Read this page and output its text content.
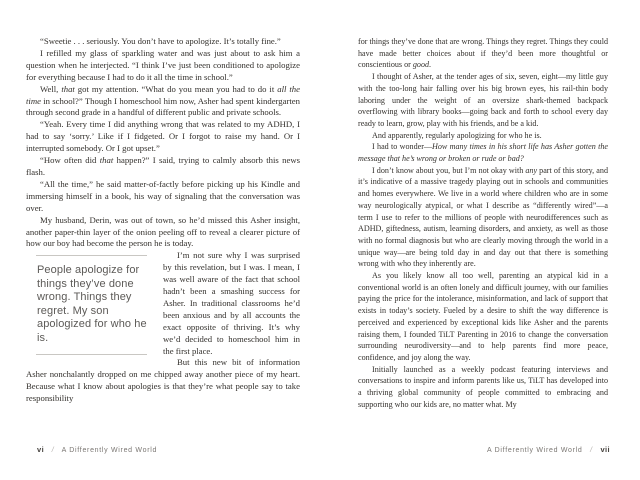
“Sweetie . . . seriously. You don’t have to apologize. It’s totally fine.”

I refilled my glass of sparkling water and was just about to ask him a question when he interjected. “I think I’ve just been conditioned to apologize for everything because I had to do it all the time in school.”

Well, that got my attention. “What do you mean you had to do it all the time in school?” Though I homeschool him now, Asher had spent kindergarten through second grade in a handful of different public and private schools.

“Yeah. Every time I did anything wrong that was related to my ADHD, I had to say ‘sorry.’ Like if I fidgeted. Or I forgot to raise my hand. Or I interrupted somebody. Or I got upset.”

“How often did that happen?” I said, trying to calmly absorb this news flash.

“All the time,” he said matter-of-factly before picking up his Kindle and immersing himself in a book, his way of signaling that the conversation was over.

My husband, Derin, was out of town, so he’d missed this Asher insight, another paper-thin layer of the onion peeling off to reveal a clearer picture of how our boy had become the person he is today.

People apologize for things they’ve done wrong. Things they regret. My son apologized for who he is.

I’m not sure why I was surprised by this revelation, but I was. I mean, I was well aware of the fact that school hadn’t been a smashing success for Asher. In traditional classrooms he’d been anxious and by all accounts the exact opposite of thriving. It’s why we’d decided to homeschool him in the first place.

But this new bit of information Asher nonchalantly dropped on me chipped away another piece of my heart. Because what I know about apologies is that they’re what people say to take responsibility

for things they’ve done that are wrong. Things they regret. Things they could have made better choices about if they’d been more thoughtful or conscientious or good.

I thought of Asher, at the tender ages of six, seven, eight—my little guy with the too-long hair falling over his big brown eyes, his rail-thin body laboring under the weight of an oversize shark-themed backpack overflowing with library books—going back and forth to school every day ready to learn, grow, play with his friends, and be a kid.

And apparently, regularly apologizing for who he is.

I had to wonder—How many times in his short life has Asher gotten the message that he’s wrong or broken or rude or bad?

I don’t know about you, but I’m not okay with any part of this story, and it’s indicative of a massive tragedy playing out in schools and communities and homes everywhere. We live in a world where children who are in some way neurologically atypical, or what I describe as “differently wired”—a term I use to refer to the millions of people with neurodifferences such as ADHD, giftedness, autism, learning disorders, and anxiety, as well as those with no formal diagnosis but who are clearly moving through the world in a unique way—are being told day in and day out that there is something wrong with who they inherently are.

As you likely know all too well, parenting an atypical kid in a conventional world is an often lonely and difficult journey, with our families paying the price for the intolerance, misinformation, and lack of support that exists in today’s society. Fueled by a desire to shift the way difference is perceived and experienced by exceptional kids like Asher and the parents raising them, I founded TiLT Parenting in 2016 to change the conversation surrounding neurodiversity—and to help parents find more peace, confidence, and joy along the way.

Initially launched as a weekly podcast featuring interviews and conversations to inspire and inform parents like us, TiLT has developed into a thriving global community of people committed to embracing and supporting who our kids are, no matter what. My

vi / A Differently Wired World	A Differently Wired World / vii
